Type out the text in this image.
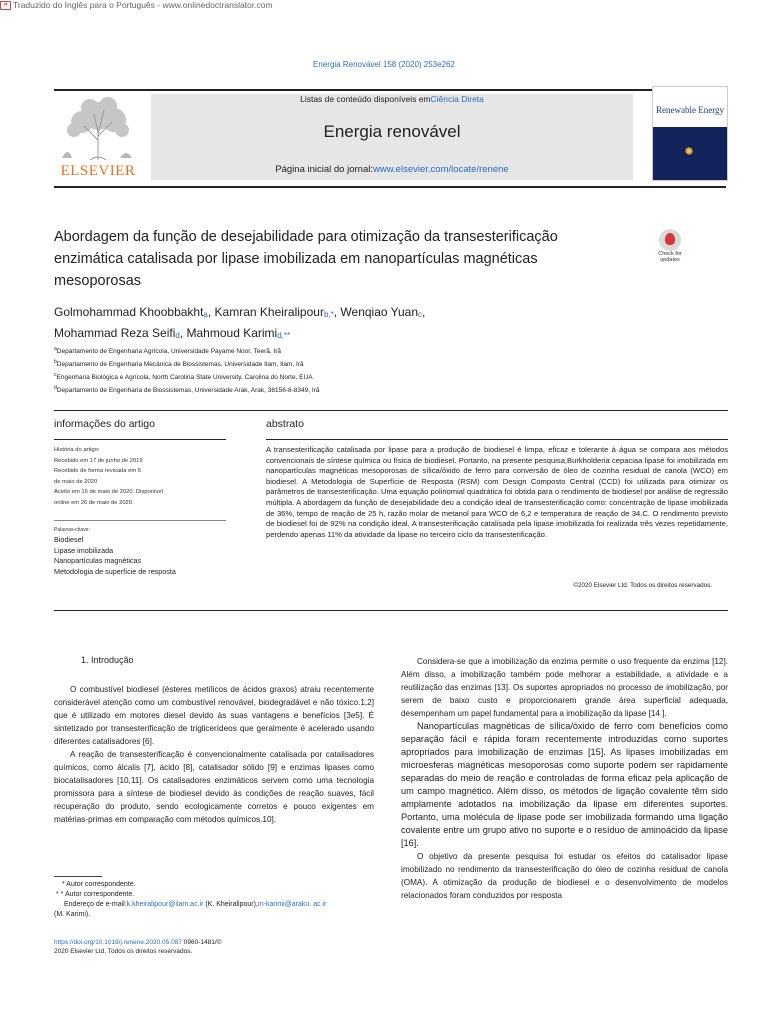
⇄ Traduzido do Inglês para o Português - www.onlinedoctranslator.com
Energia Renovável 158 (2020) 253e262
ELSEVIER
Listas de conteúdo disponíveis emCiência Direta
Energia renovável
Página inicial do jornal:www.elsevier.com/locate/renene
Renewable Energy

Abordagem da função de desejabilidade para otimização da transesterificação enzimática catalisada por lipase imobilizada em nanopartículas magnéticas mesoporosas
Check for
updates
Golmohammad Khoobbakht$_a$, Kamran Kheiralipour$_{b,*}$, Wenqiao Yuan$_c$,
Mohammad Reza Seifi$_d$, Mahmoud Karimi$_{d,**}$
$^a$Departamento de Engenharia Agrícola, Universidade Payame Noor, Teerã, Irã
$^b$Departamento de Engenharia Mecânica de Biossistemas, Universidade Ilam, Ilam, Irã
$^c$Engenharia Biológica e Agrícola, North Carolina State University, Carolina do Norte, EUA
$^d$Departamento de Engenharia de Biossistemas, Universidade Arak, Arak, 38156-8-8349, Irã
informações do artigo
História do artigo:
Recebido em 17 de junho de 2019
Recebido de forma revisada em 6
de maio de 2020
Aceito em 16 de maio de 2020. Disponível
online em 26 de maio de 2020.
Palavras-chave:
Biodiesel
Lipase imobilizada
Nanopartículas magnéticas
Metodologia de superfície de resposta
abstrato
A transesterificação catalisada por lipase para a produção de biodiesel é limpa, eficaz e tolerante à água se compara aos métodos convencionais de síntese química ou física de biodiesel. Portanto, na presente pesquisa,Burkholderia cepaciaa lipase foi imobilizada em nanopartículas magnéticas mesoporosas de sílica/óxido de ferro para conversão de óleo de cozinha residual de canola (WCO) em biodiesel. A Metodologia de Superfície de Resposta (RSM) com Design Composto Central (CCD) foi utilizada para otimizar os parâmetros de transesterificação. Uma equação polinomial quadrática foi obtida para o rendimento de biodiesel por análise de regressão múltipla. A abordagem da função de desejabilidade deu a condição ideal de transesterificação como: concentração de lipase imobilizada de 36%, tempo de reação de 25 h, razão molar de metanol para WCO de 6,2 e temperatura de reação de 34.C. O rendimento previsto de biodiesel foi de 92% na condição ideal. A transesterificação catalisada pela lipase imobilizada foi realizada três vezes repetidamente, perdendo apenas 11% da atividade da lipase no terceiro ciclo da transesterificação.
©2020 Elsevier Ltd. Todos os direitos reservados.
1. Introdução

O combustível biodiesel (ésteres metílicos de ácidos graxos) atraiu recentemente considerável atenção como um combustível renovável, biodegradável e não tóxico.1,2] que é utilizado em motores diesel devido às suas vantagens e benefícios [3e5]. É sintetizado por transesterificação de triglicerídeos que geralmente é acelerado usando diferentes catalisadores [6].

A reação de transesterificação é convencionalmente catalisada por catalisadores químicos, como álcalis [7], ácido [8], catalisador sólido [9] e enzimas lipases como biocatalisadores [10,11]. Os catalisadores enzimáticos servem como uma tecnologia promissora para a síntese de biodiesel devido às condições de reação suaves, fácil recuperação do produto, sendo ecologicamente corretos e pouco exigentes em matérias-primas em comparação com métodos químicos.10].

* Autor correspondente.
* * Autor correspondente.
Endereço de e-mail:k.kheiralipour@ilam.ac.ir (K. Kheiralipour),m-karimi@araku. ac.ir
(M. Karimi).
https://doi.org/10.1016/j.renene.2020.05.087 0960-1481/©
2020 Elsevier Ltd. Todos os direitos reservados.

Considera-se que a imobilização da enzima permite o uso frequente da enzima [12]. Além disso, a imobilização também pode melhorar a estabilidade, a atividade e a reutilização das enzimas [13]. Os suportes apropriados no processo de imobilização, por serem de baixo custo e proporcionarem grande área superficial adequada, desempenham um papel fundamental para a imobilização da lipase [14 ].

Nanopartículas magnéticas de sílica/óxido de ferro com benefícios como separação fácil e rápida foram recentemente introduzidas como suportes apropriados para imobilização de enzimas [15]. As lipases imobilizadas em microesferas magnéticas mesoporosas como suporte podem ser rapidamente separadas do meio de reação e controladas de forma eficaz pela aplicação de um campo magnético. Além disso, os métodos de ligação covalente têm sido amplamente adotados na imobilização da lipase em diferentes suportes. Portanto, uma molécula de lipase pode ser imobilizada formando uma ligação covalente entre um grupo ativo no suporte e o resíduo de aminoácido da lipase [16].

O objetivo da presente pesquisa foi estudar os efeitos do catalisador lipase imobilizado no rendimento da transesterificação do óleo de cozinha residual de canola (OMA). A otimização da produção de biodiesel e o desenvolvimento de modelos relacionados foram conduzidos por resposta
